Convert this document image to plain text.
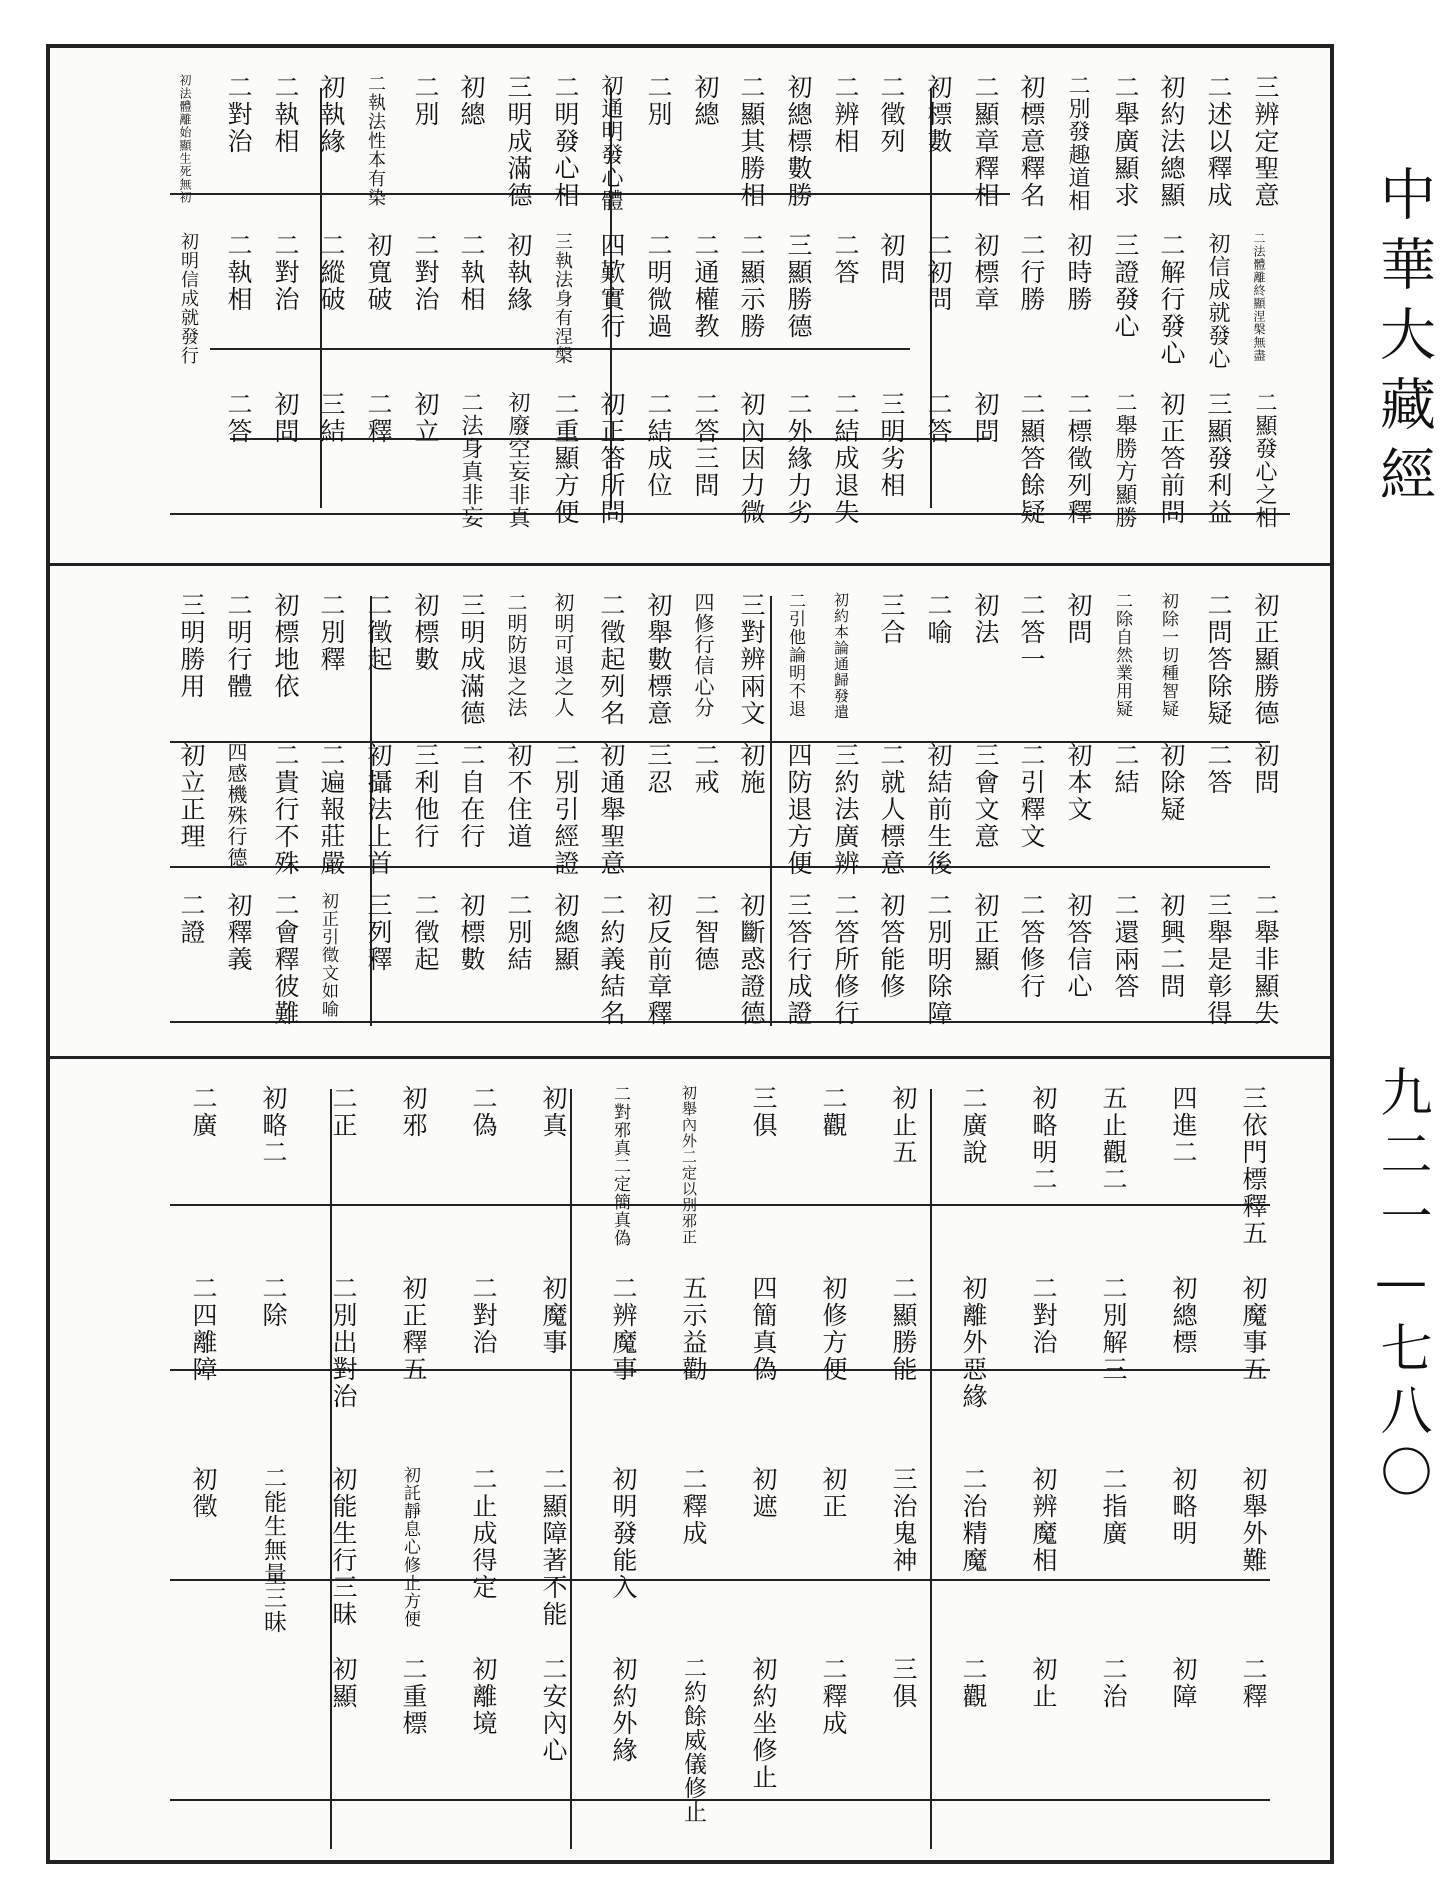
三辨定聖意
二述以釋成
初約法總顯
二舉廣顯求
二別發趣道相
初標意釋名
二顯章釋相
初標數
二徵列
二辨相
初總標數勝
二顯其勝相
初總
二別
初通明發心體
二明發心相
三明成滿德
初總
二別
二執法性本有染
初執緣
二執相
二對治
初法體離始顯生死無初
二法體離終顯涅槃無盡
初信成就發心
二解行發心
三證發心
初時勝
二行勝
初標章
二初問
初問
二答
三顯勝德
二顯示勝
二通權教
二明微過
四歎實行
三執法身有涅槃
初執緣
二執相
二對治
初寬破
二縱破
二對治
二執相
初明信成就發行
二顯發心之相
三顯發利益
初正答前問
二舉勝方顯勝
二標徵列釋
二顯答餘疑
初問
二答
三明劣相
二結成退失
二外緣力劣
初內因力微
二答三問
二結成位
初正答所問
二重顯方便
初廢空妄非真
二法身真非妄
初立
二釋
三結
初問
二答
初正顯勝德
二問答除疑
初除一切種智疑
二除自然業用疑
初問
二答一
初法
二喻
三合
初約本論通歸發遣
二引他論明不退
三對辨兩文
四修行信心分
初舉數標意
二徵起列名
初明可退之人
二明防退之法
三明成滿德
初標數
二徵起
二別釋
初標地依
二明行體
三明勝用
初問
二答
初除疑
二結
初本文
二引釋文
三會文意
初結前生後
二就人標意
三約法廣辨
四防退方便
初施
二戒
三忍
初通舉聖意
二別引經證
初不住道
二自在行
三利他行
初攝法上首
二遍報莊嚴
二貴行不殊
四感機殊行德
初立正理
二舉非顯失
三舉是彰得
初興二問
二還兩答
初答信心
二答修行
初正顯
二別明除障
初答能修
二答所修行
三答行成證
初斷惑證德
二智德
初反前章釋
二約義結名
初總顯
二別結
初標數
二徵起
三列釋
初正引徵文如喻
二會釋彼難
初釋義
二證
三依門標釋五
四進二
五止觀二
初略明二
二廣說
初止五
二觀
三俱
初舉內外二定以別邪正
二對邪真二定簡真偽
初真
二偽
初邪
二正
初略二
二廣
初魔事五
初總標
二別解三
二對治
初離外惡緣
二顯勝能
初修方便
四簡真偽
五示益勸
二辨魔事
初魔事
二對治
初正釋五
二別出對治
二除
二四離障
初舉外難
初略明
二指廣
初辨魔相
二治精魔
三治鬼神
初正
初遮
二釋成
初明發能入
二顯障著不能
二止成得定
初託靜息心修止方便
初能生行三昧
二能生無量三昧
初徵
二釋
初障
二治
初止
二觀
三俱
二釋成
初約坐修止
二約餘威儀修止
初約外緣
二安內心
初離境
二重標
初顯
中華大藏經
九二一—七八〇
